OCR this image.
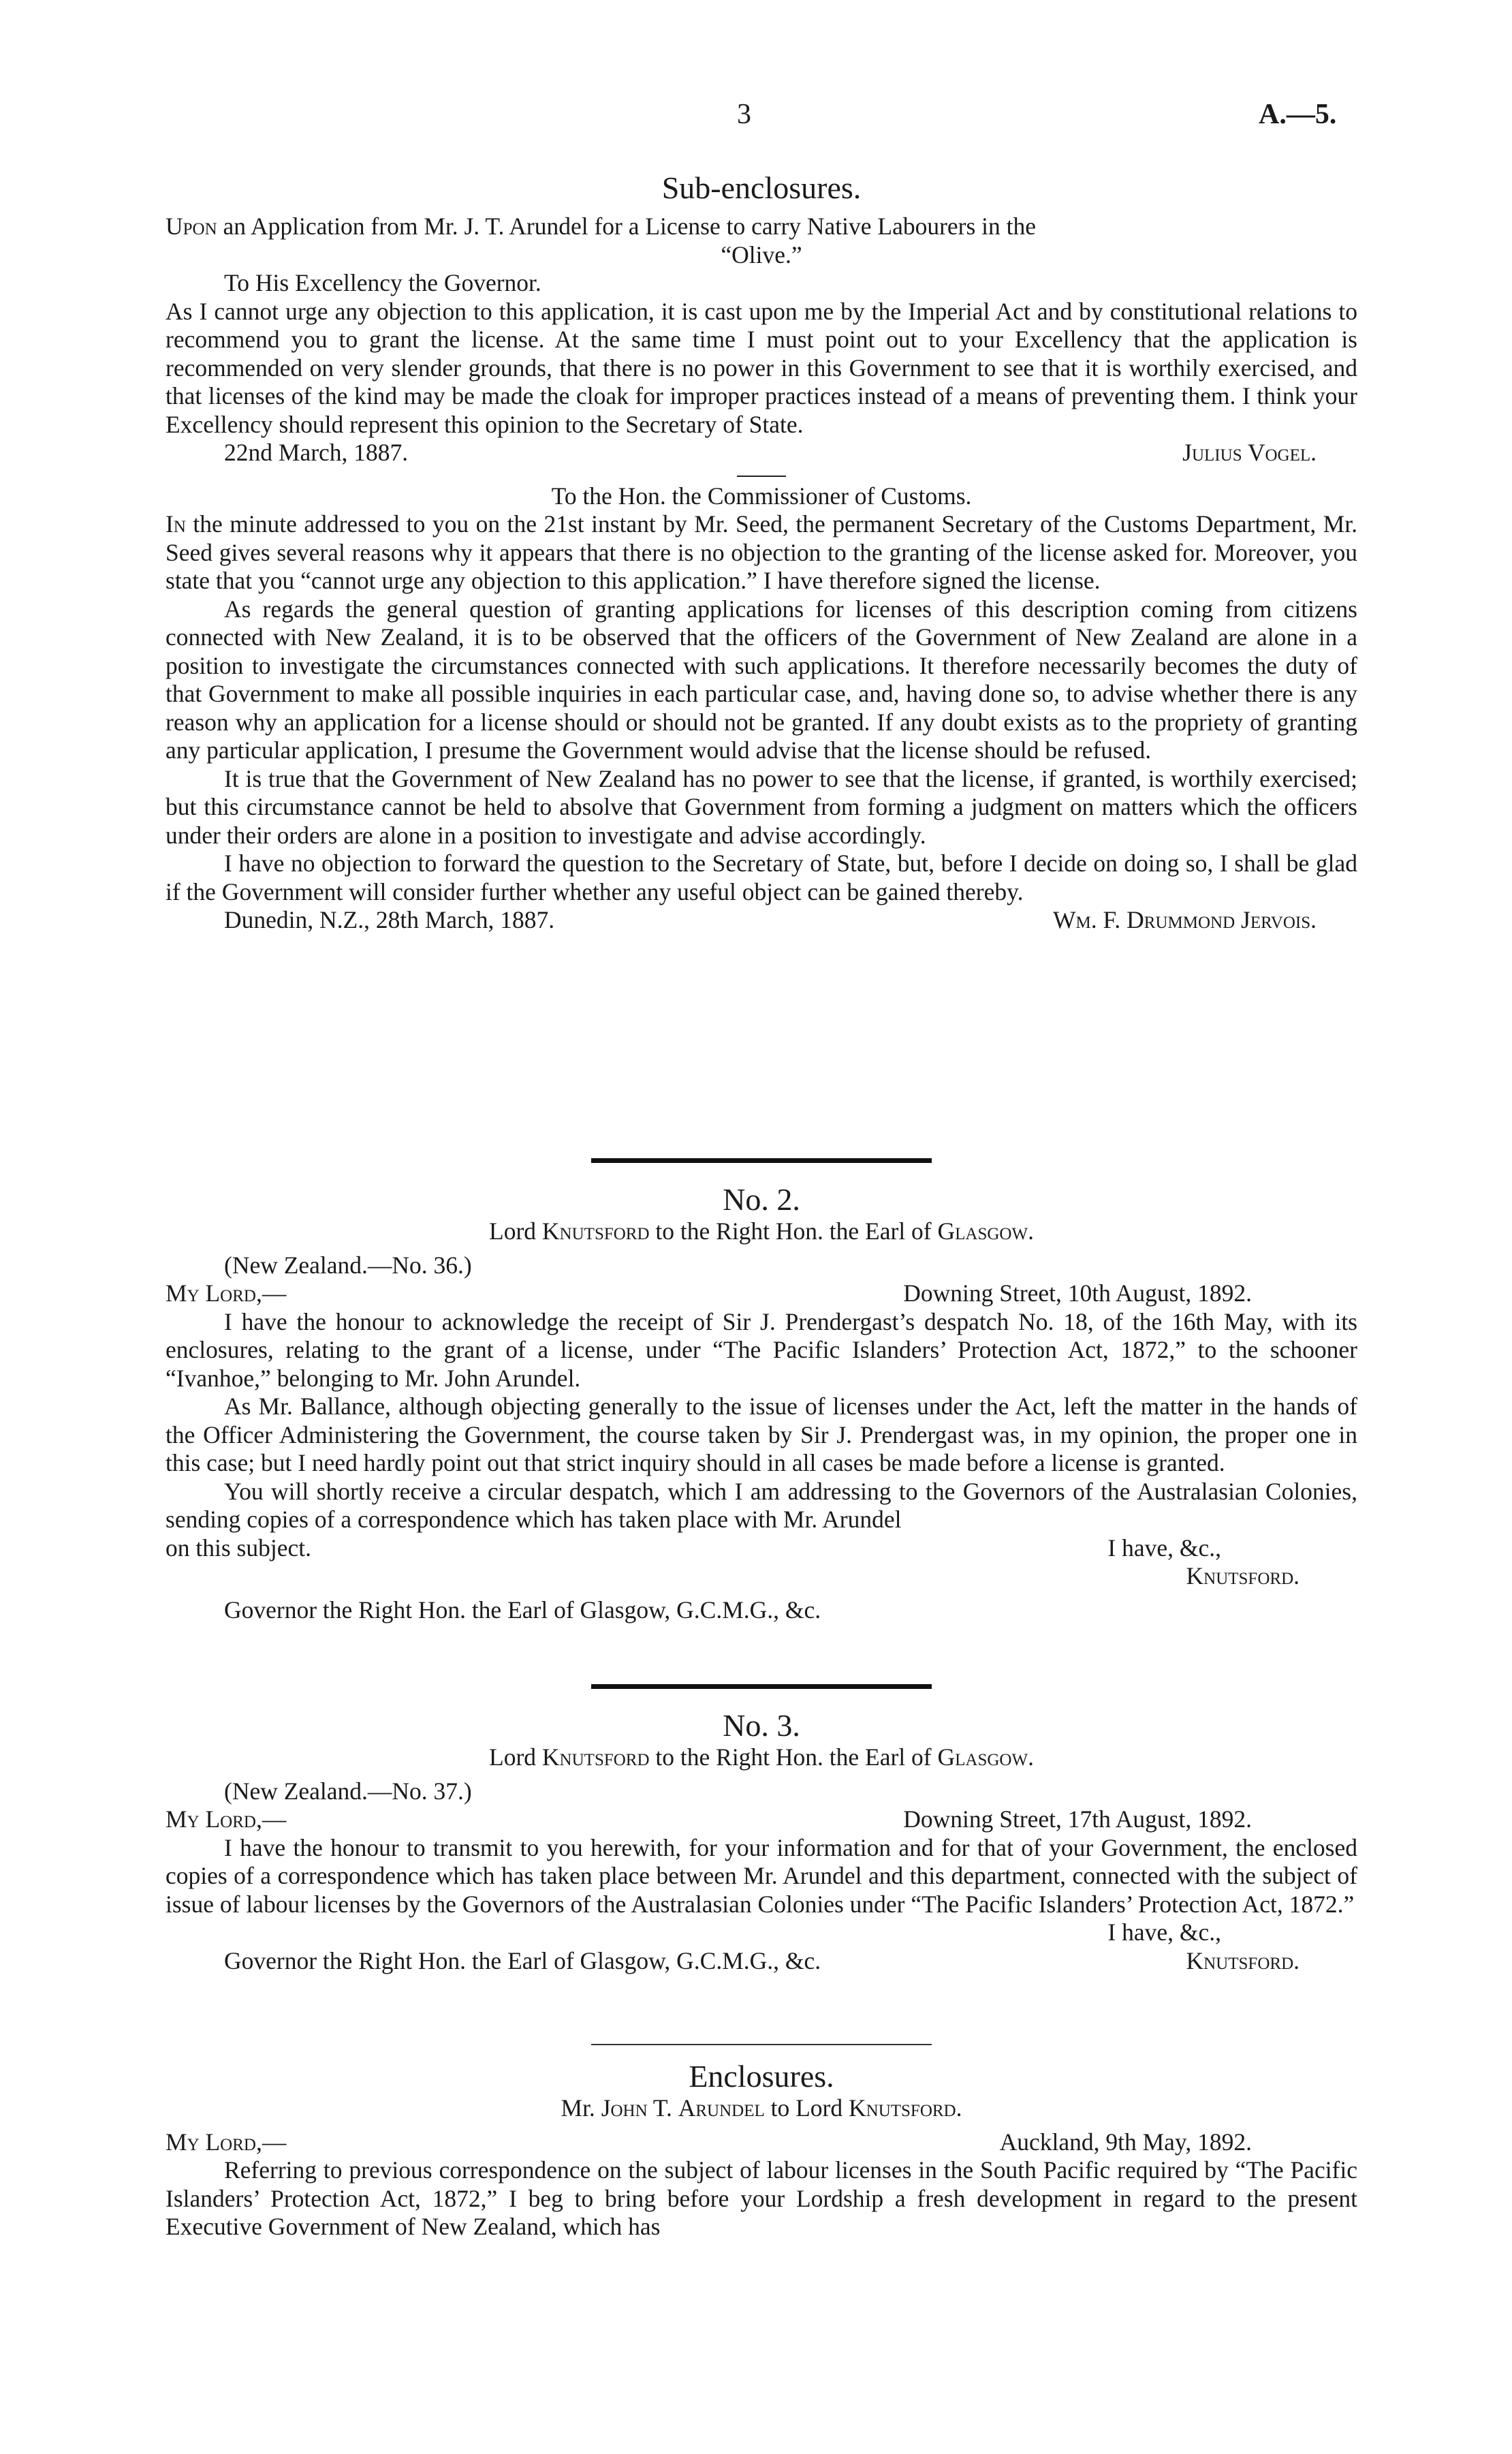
3	A.—5.
Sub-enclosures.

Upon an Application from Mr. J. T. Arundel for a License to carry Native Labourers in the

“Olive.”
To His Excellency the Governor.

As I cannot urge any objection to this application, it is cast upon me by the Imperial Act and by constitutional relations to recommend you to grant the license. At the same time I must point out to your Excellency that the application is recommended on very slender grounds, that there is no power in this Government to see that it is worthily exercised, and that licenses of the kind may be made the cloak for improper practices instead of a means of preventing them. I think your Excellency should represent this opinion to the Secretary of State.

22nd March, 1887.	Julius Vogel.
To the Hon. the Commissioner of Customs.

In the minute addressed to you on the 21st instant by Mr. Seed, the permanent Secretary of the Customs Department, Mr. Seed gives several reasons why it appears that there is no objection to the granting of the license asked for. Moreover, you state that you “cannot urge any objection to this application.” I have therefore signed the license.

As regards the general question of granting applications for licenses of this description coming from citizens connected with New Zealand, it is to be observed that the officers of the Government of New Zealand are alone in a position to investigate the circumstances connected with such applications. It therefore necessarily becomes the duty of that Government to make all possible inquiries in each particular case, and, having done so, to advise whether there is any reason why an application for a license should or should not be granted. If any doubt exists as to the propriety of granting any particular application, I presume the Government would advise that the license should be refused.

It is true that the Government of New Zealand has no power to see that the license, if granted, is worthily exercised; but this circumstance cannot be held to absolve that Government from forming a judgment on matters which the officers under their orders are alone in a position to investigate and advise accordingly.

I have no objection to forward the question to the Secretary of State, but, before I decide on doing so, I shall be glad if the Government will consider further whether any useful object can be gained thereby.

Dunedin, N.Z., 28th March, 1887.	Wm. F. Drummond Jervois.
No. 2.
Lord Knutsford to the Right Hon. the Earl of Glasgow.
(New Zealand.—No. 36.)
My Lord,—	Downing Street, 10th August, 1892.

I have the honour to acknowledge the receipt of Sir J. Prendergast’s despatch No. 18, of the 16th May, with its enclosures, relating to the grant of a license, under “The Pacific Islanders’ Protection Act, 1872,” to the schooner “Ivanhoe,” belonging to Mr. John Arundel.

As Mr. Ballance, although objecting generally to the issue of licenses under the Act, left the matter in the hands of the Officer Administering the Government, the course taken by Sir J. Prendergast was, in my opinion, the proper one in this case; but I need hardly point out that strict inquiry should in all cases be made before a license is granted.

You will shortly receive a circular despatch, which I am addressing to the Governors of the Australasian Colonies, sending copies of a correspondence which has taken place with Mr. Arundel

on this subject.	I have, &c.,
Knutsford.
Governor the Right Hon. the Earl of Glasgow, G.C.M.G., &c.
No. 3.
Lord Knutsford to the Right Hon. the Earl of Glasgow.
(New Zealand.—No. 37.)
My Lord,—	Downing Street, 17th August, 1892.

I have the honour to transmit to you herewith, for your information and for that of your Government, the enclosed copies of a correspondence which has taken place between Mr. Arundel and this department, connected with the subject of issue of labour licenses by the Governors of the Australasian Colonies under “The Pacific Islanders’ Protection Act, 1872.”

I have, &c.,
Governor the Right Hon. the Earl of Glasgow, G.C.M.G., &c.	Knutsford.
Enclosures.
Mr. John T. Arundel to Lord Knutsford.
My Lord,—	Auckland, 9th May, 1892.

Referring to previous correspondence on the subject of labour licenses in the South Pacific required by “The Pacific Islanders’ Protection Act, 1872,” I beg to bring before your Lordship a fresh development in regard to the present Executive Government of New Zealand, which has
